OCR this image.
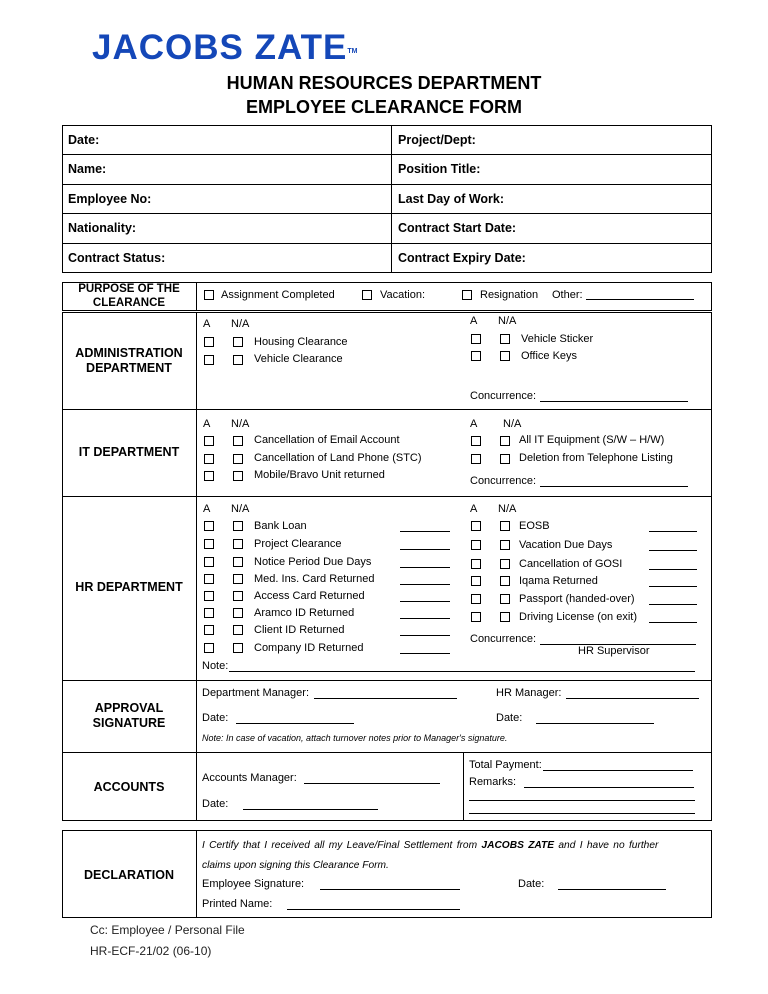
JACOBS ZATE™
HUMAN RESOURCES DEPARTMENT
EMPLOYEE CLEARANCE FORM
Date:	Project/Dept:
Name:	Position Title:
Employee No:	Last Day of Work:
Nationality:	Contract Start Date:
Contract Status:	Contract Expiry Date:
PURPOSE OF THE CLEARANCE
Assignment Completed	Vacation:	Resignation Other:
ADMINISTRATION DEPARTMENT
A N/A
Housing Clearance
Vehicle Clearance
A N/A
Vehicle Sticker
Office Keys
Concurrence:
IT DEPARTMENT
A N/A
Cancellation of Email Account
Cancellation of Land Phone (STC)
Mobile/Bravo Unit returned
A N/A
All IT Equipment (S/W – H/W)
Deletion from Telephone Listing
Concurrence:
HR DEPARTMENT
A N/A	A N/A
Bank Loan
Project Clearance
Notice Period Due Days
Med. Ins. Card Returned
Access Card Returned
Aramco ID Returned
Client ID Returned
Company ID Returned
EOSB
Vacation Due Days
Cancellation of GOSI
Iqama Returned
Passport (handed-over)
Driving License (on exit)
Concurrence:
HR Supervisor
Note:
APPROVAL SIGNATURE
Department Manager:	HR Manager:
Date:	Date:
Note: In case of vacation, attach turnover notes prior to Manager's signature.
ACCOUNTS
Accounts Manager:
Date:
Total Payment:
Remarks:
DECLARATION
I Certify that I received all my Leave/Final Settlement from JACOBS ZATE and I have no further
claims upon signing this Clearance Form.
Employee Signature:	Date:
Printed Name:
Cc: Employee / Personal File
HR-ECF-21/02 (06-10)
